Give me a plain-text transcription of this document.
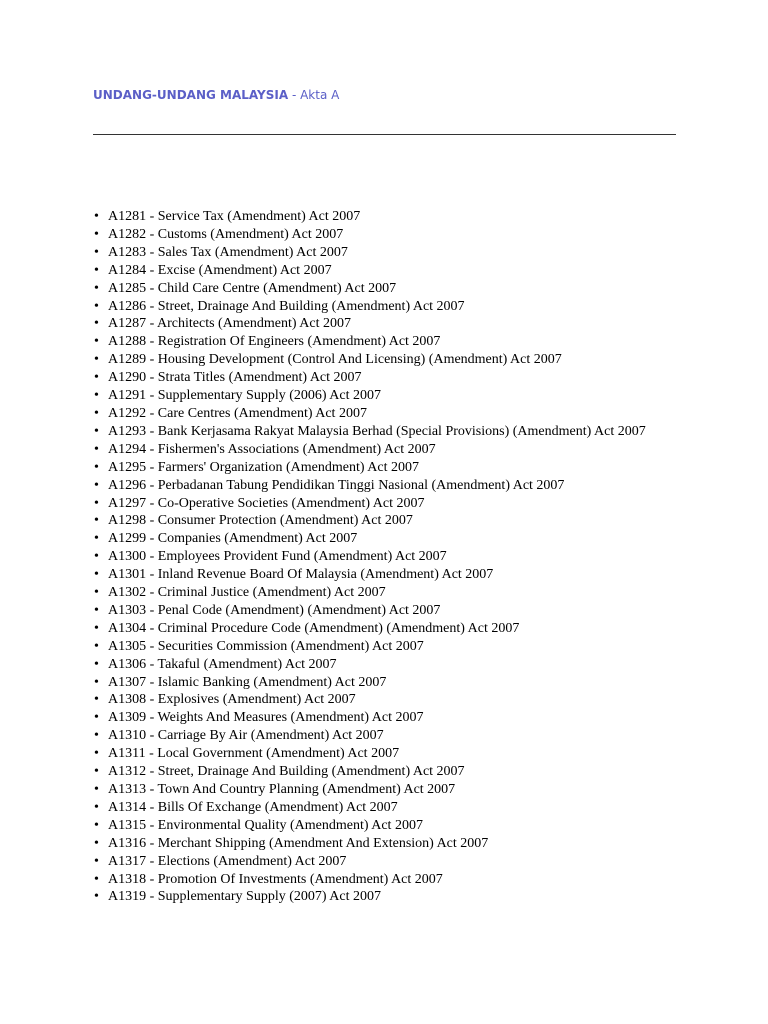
UNDANG-UNDANG MALAYSIA - Akta A
• A1281 - Service Tax (Amendment) Act 2007
• A1282 - Customs (Amendment) Act 2007
• A1283 - Sales Tax (Amendment) Act 2007
• A1284 - Excise (Amendment) Act 2007
• A1285 - Child Care Centre (Amendment) Act 2007
• A1286 - Street, Drainage And Building (Amendment) Act 2007
• A1287 - Architects (Amendment) Act 2007
• A1288 - Registration Of Engineers (Amendment) Act 2007
• A1289 - Housing Development (Control And Licensing) (Amendment) Act 2007
• A1290 - Strata Titles (Amendment) Act 2007
• A1291 - Supplementary Supply (2006) Act 2007
• A1292 - Care Centres (Amendment) Act 2007
• A1293 - Bank Kerjasama Rakyat Malaysia Berhad (Special Provisions) (Amendment) Act 2007
• A1294 - Fishermen's Associations (Amendment) Act 2007
• A1295 - Farmers' Organization (Amendment) Act 2007
• A1296 - Perbadanan Tabung Pendidikan Tinggi Nasional (Amendment) Act 2007
• A1297 - Co-Operative Societies (Amendment) Act 2007
• A1298 - Consumer Protection (Amendment) Act 2007
• A1299 - Companies (Amendment) Act 2007
• A1300 - Employees Provident Fund (Amendment) Act 2007
• A1301 - Inland Revenue Board Of Malaysia (Amendment) Act 2007
• A1302 - Criminal Justice (Amendment) Act 2007
• A1303 - Penal Code (Amendment) (Amendment) Act 2007
• A1304 - Criminal Procedure Code (Amendment) (Amendment) Act 2007
• A1305 - Securities Commission (Amendment) Act 2007
• A1306 - Takaful (Amendment) Act 2007
• A1307 - Islamic Banking (Amendment) Act 2007
• A1308 - Explosives (Amendment) Act 2007
• A1309 - Weights And Measures (Amendment) Act 2007
• A1310 - Carriage By Air (Amendment) Act 2007
• A1311 - Local Government (Amendment) Act 2007
• A1312 - Street, Drainage And Building (Amendment) Act 2007
• A1313 - Town And Country Planning (Amendment) Act 2007
• A1314 - Bills Of Exchange (Amendment) Act 2007
• A1315 - Environmental Quality (Amendment) Act 2007
• A1316 - Merchant Shipping (Amendment And Extension) Act 2007
• A1317 - Elections (Amendment) Act 2007
• A1318 - Promotion Of Investments (Amendment) Act 2007
• A1319 - Supplementary Supply (2007) Act 2007
